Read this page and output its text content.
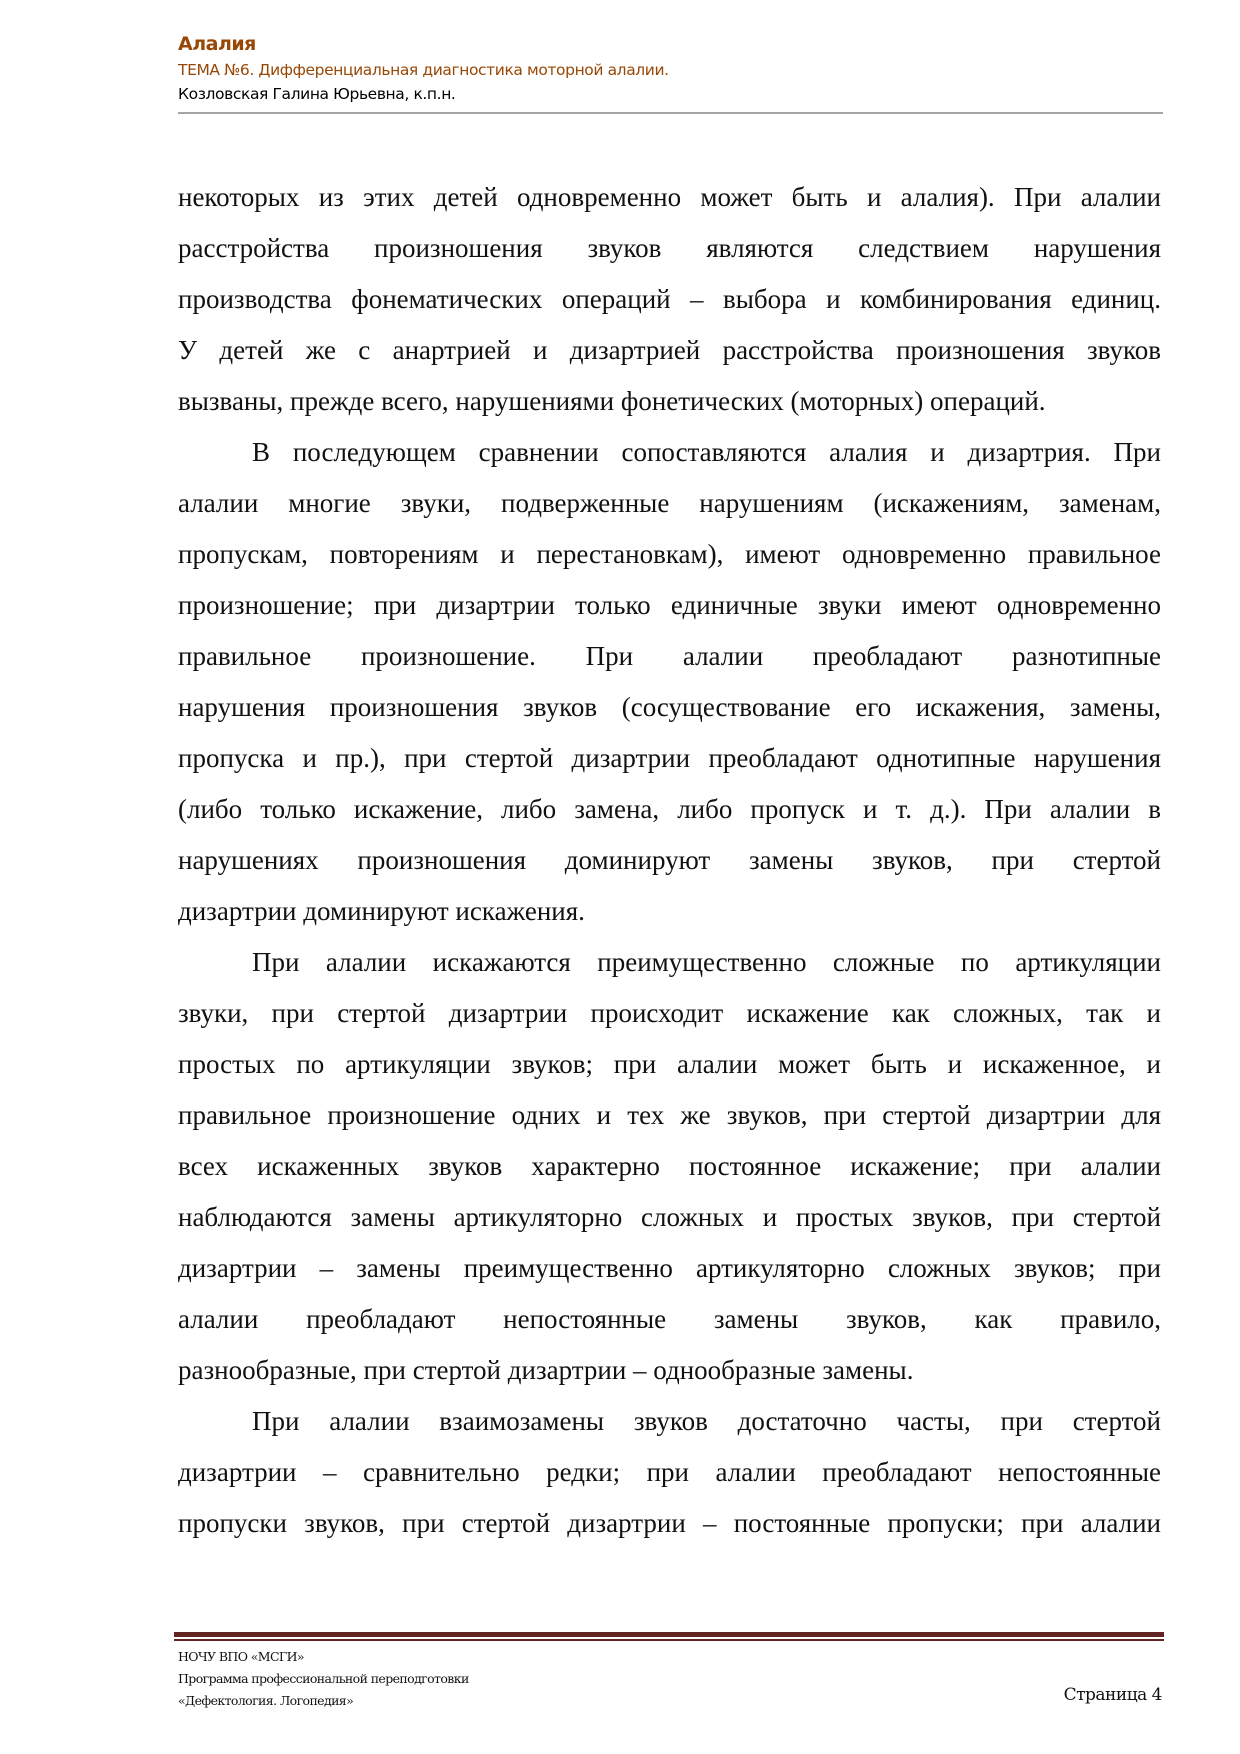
Алалия
ТЕМА №6. Дифференциальная диагностика моторной алалии.
Козловская Галина Юрьевна, к.п.н.
некоторых из этих детей одновременно может быть и алалия). При алалии
расстройства произношения звуков являются следствием нарушения
производства фонематических операций – выбора и комбинирования единиц.
У детей же с анартрией и дизартрией расстройства произношения звуков
вызваны, прежде всего, нарушениями фонетических (моторных) операций.
В последующем сравнении сопоставляются алалия и дизартрия. При
алалии многие звуки, подверженные нарушениям (искажениям, заменам,
пропускам, повторениям и перестановкам), имеют одновременно правильное
произношение; при дизартрии только единичные звуки имеют одновременно
правильное произношение. При алалии преобладают разнотипные
нарушения произношения звуков (сосуществование его искажения, замены,
пропуска и пр.), при стертой дизартрии преобладают однотипные нарушения
(либо только искажение, либо замена, либо пропуск и т. д.). При алалии в
нарушениях произношения доминируют замены звуков, при стертой
дизартрии доминируют искажения.
При алалии искажаются преимущественно сложные по артикуляции
звуки, при стертой дизартрии происходит искажение как сложных, так и
простых по артикуляции звуков; при алалии может быть и искаженное, и
правильное произношение одних и тех же звуков, при стертой дизартрии для
всех искаженных звуков характерно постоянное искажение; при алалии
наблюдаются замены артикуляторно сложных и простых звуков, при стертой
дизартрии – замены преимущественно артикуляторно сложных звуков; при
алалии преобладают непостоянные замены звуков, как правило,
разнообразные, при стертой дизартрии – однообразные замены.
При алалии взаимозамены звуков достаточно часты, при стертой
дизартрии – сравнительно редки; при алалии преобладают непостоянные
пропуски звуков, при стертой дизартрии – постоянные пропуски; при алалии
НОЧУ ВПО «МСГИ»
Программа профессиональной переподготовки
«Дефектология. Логопедия»	Страница 4
